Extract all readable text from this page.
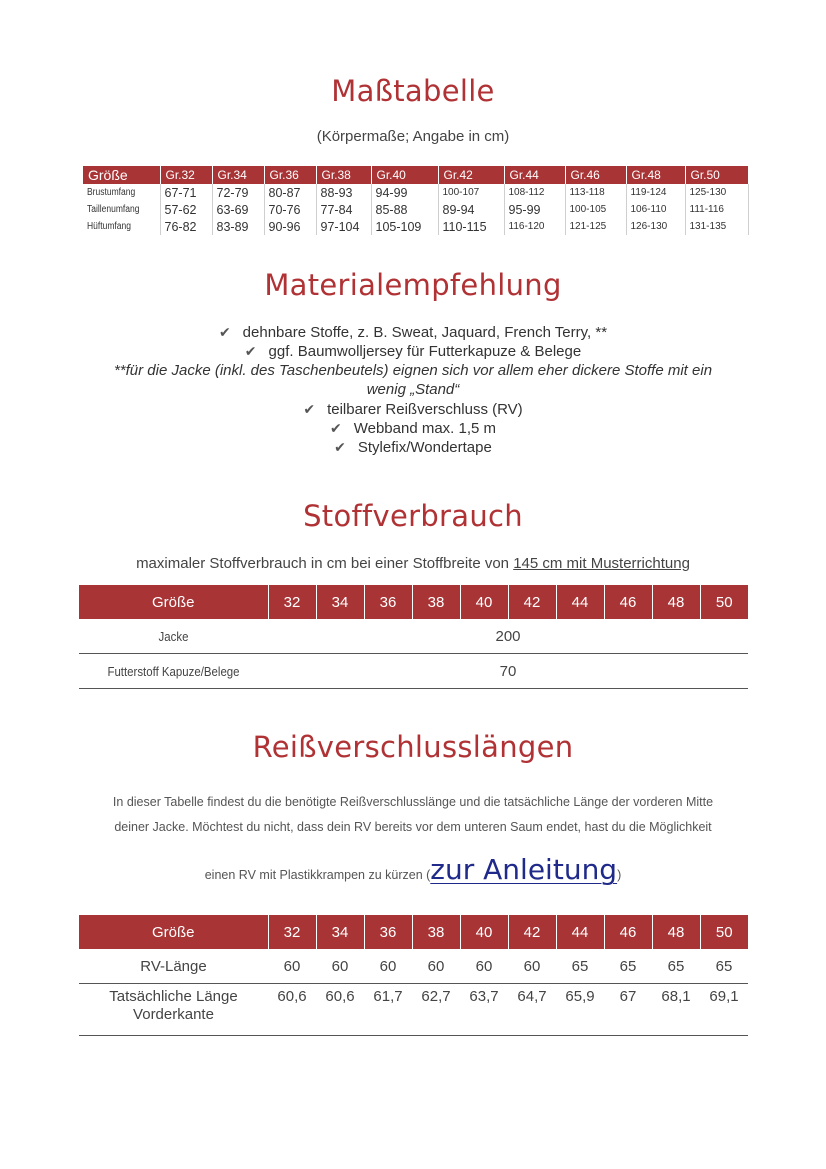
Maßtabelle
(Körpermaße; Angabe in cm)
Größe	Gr.32	Gr.34	Gr.36	Gr.38	Gr.40	Gr.42	Gr.44	Gr.46	Gr.48	Gr.50

Brustumfang	67-71	72-79	80-87	88-93	94-99	100-107	108-112	113-118	119-124	125-130

Taillenumfang	57-62	63-69	70-76	77-84	85-88	89-94	95-99	100-105	106-110	111-116

Hüftumfang	76-82	83-89	90-96	97-104	105-109	110-115	116-120	121-125	126-130	131-135
Materialempfehlung
✔ dehnbare Stoffe, z. B. Sweat, Jaquard, French Terry, **
✔ ggf. Baumwolljersey für Futterkapuze & Belege
**für die Jacke (inkl. des Taschenbeutels) eignen sich vor allem eher dickere Stoffe mit ein
wenig „Stand“
✔ teilbarer Reißverschluss (RV)
✔ Webband max. 1,5 m
✔ Stylefix/Wondertape
Stoffverbrauch
maximaler Stoffverbrauch in cm bei einer Stoffbreite von 145 cm mit Musterrichtung
Größe	32	34	36	38	40	42	44	46	48	50
Jacke	200									
Futterstoff Kapuze/Belege	70									
Reißverschlusslängen
In dieser Tabelle findest du die benötigte Reißverschlusslänge und die tatsächliche Länge der vorderen Mitte
deiner Jacke. Möchtest du nicht, dass dein RV bereits vor dem unteren Saum endet, hast du die Möglichkeit
einen RV mit Plastikkrampen zu kürzen (zur Anleitung)
Größe	32	34	36	38	40	42	44	46	48	50
RV-Länge	60	60	60	60	60	60	65	65	65	65

Tatsächliche Länge
Vorderkante	60,6	60,6	61,7	62,7	63,7	64,7	65,9	67	68,1	69,1
